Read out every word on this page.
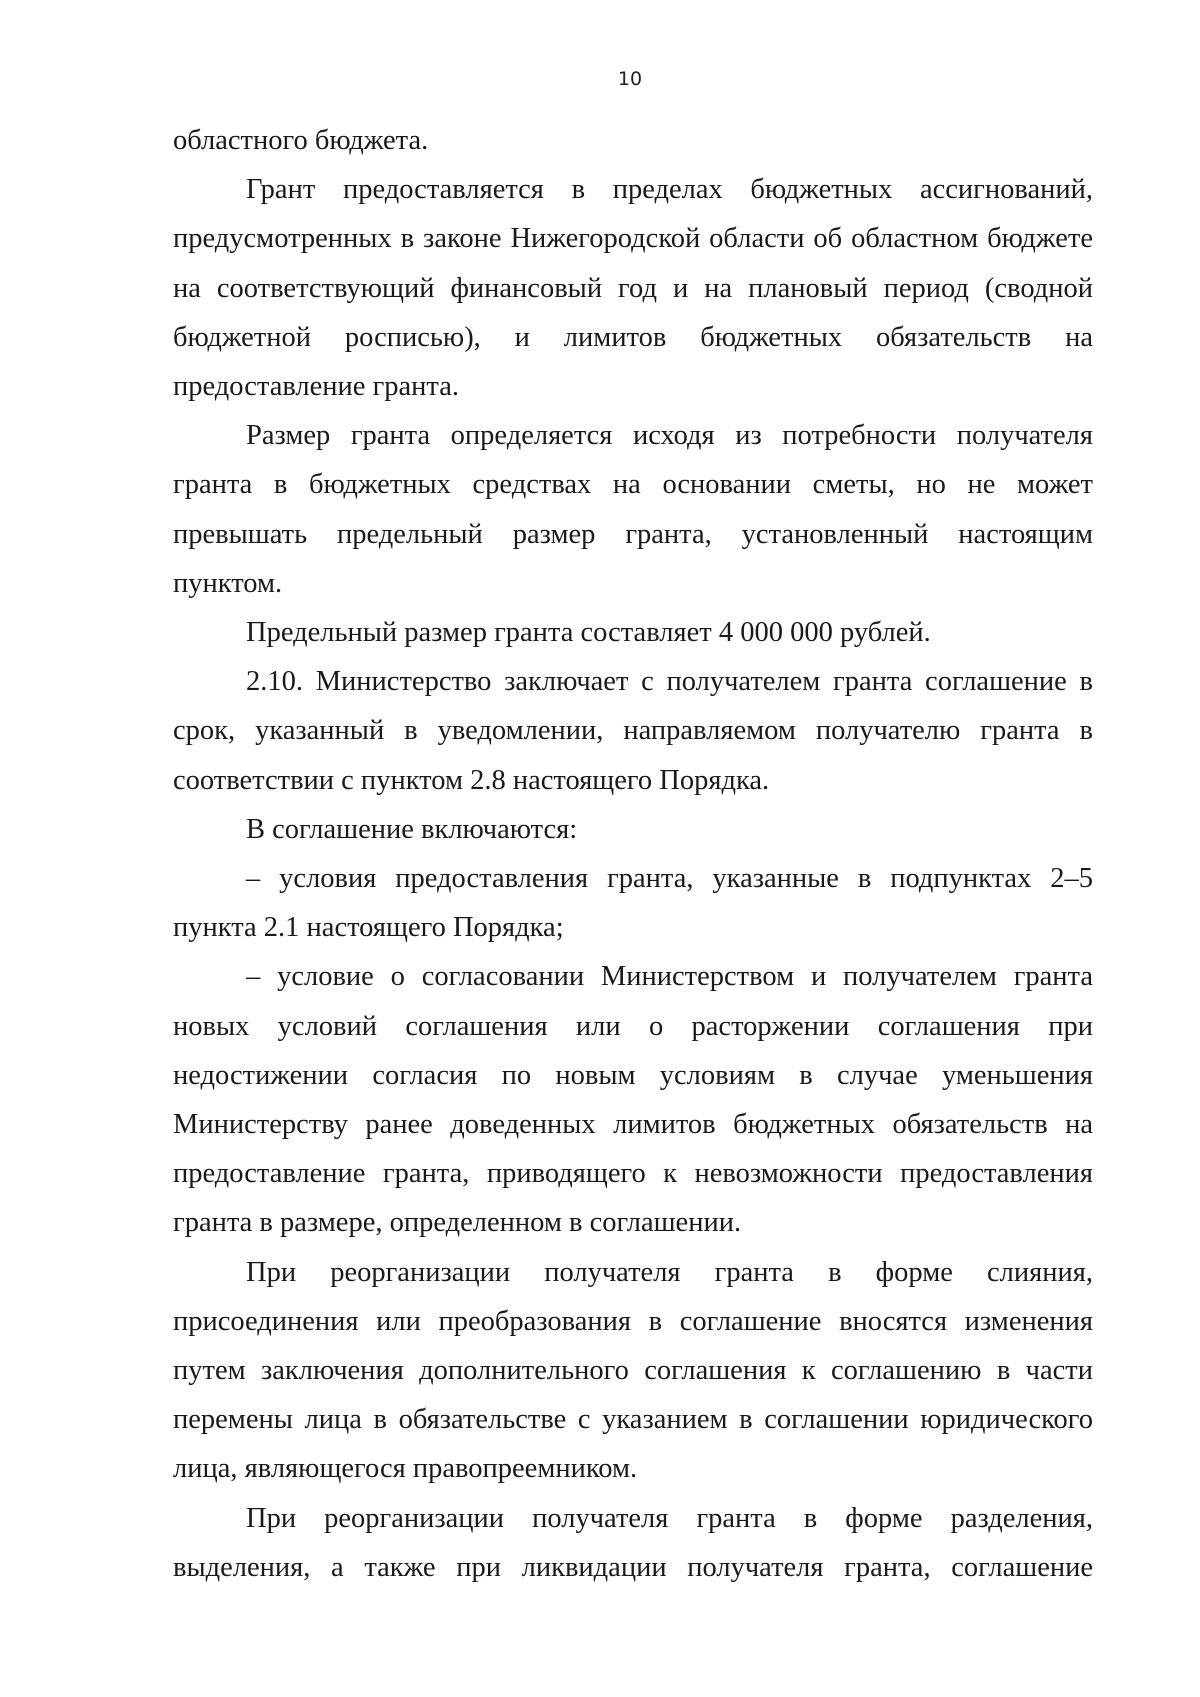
10

областного бюджета.

Грант предоставляется в пределах бюджетных ассигнований, предусмотренных в законе Нижегородской области об областном бюджете на соответствующий финансовый год и на плановый период (сводной бюджетной росписью), и лимитов бюджетных обязательств на предоставление гранта.

Размер гранта определяется исходя из потребности получателя гранта в бюджетных средствах на основании сметы, но не может превышать предельный размер гранта, установленный настоящим пунктом.

Предельный размер гранта составляет 4 000 000 рублей.

2.10. Министерство заключает с получателем гранта соглашение в срок, указанный в уведомлении, направляемом получателю гранта в соответствии с пунктом 2.8 настоящего Порядка.

В соглашение включаются:

– условия предоставления гранта, указанные в подпунктах 2–5 пункта 2.1 настоящего Порядка;

– условие о согласовании Министерством и получателем гранта новых условий соглашения или о расторжении соглашения при недостижении согласия по новым условиям в случае уменьшения Министерству ранее доведенных лимитов бюджетных обязательств на предоставление гранта, приводящего к невозможности предоставления гранта в размере, определенном в соглашении.

При реорганизации получателя гранта в форме слияния, присоединения или преобразования в соглашение вносятся изменения путем заключения дополнительного соглашения к соглашению в части перемены лица в обязательстве с указанием в соглашении юридического лица, являющегося правопреемником.

При реорганизации получателя гранта в форме разделения, выделения, а также при ликвидации получателя гранта, соглашение
